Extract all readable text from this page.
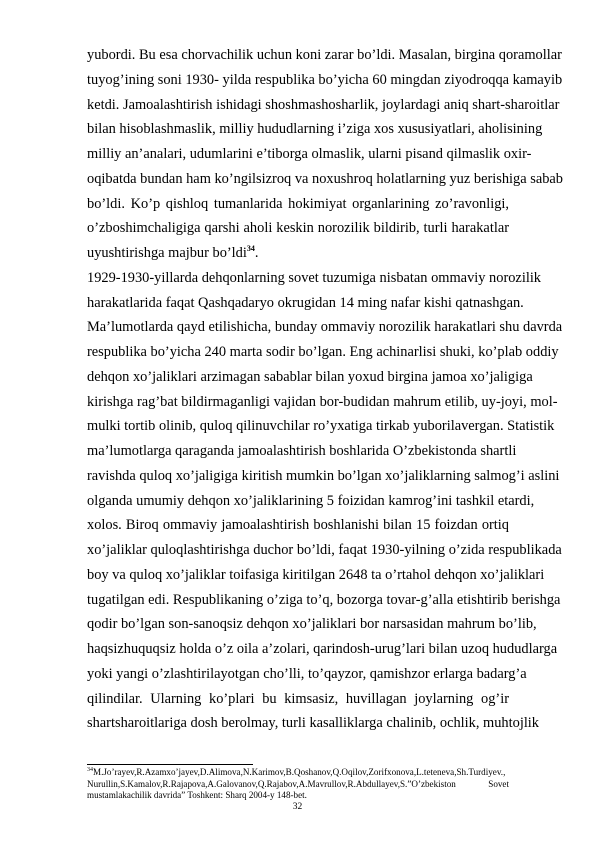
yubordi. Bu esa chorvachilik uchun koni zarar bo’ldi. Masalan, birgina qoramollar
tuyog’ining soni 1930- yilda respublika bo’yicha 60 mingdan ziyodroqqa kamayib
ketdi. Jamoalashtirish ishidagi shoshmashosharlik, joylardagi aniq shart-sharoitlar
bilan hisoblashmaslik, milliy hududlarning i’ziga xos xususiyatlari, aholisining
milliy an’analari, udumlarini e’tiborga olmaslik, ularni pisand qilmaslik oxir-
oqibatda bundan ham ko’ngilsizroq va noxushroq holatlarning yuz berishiga sabab
bo’ldi. Ko’p qishloq tumanlarida hokimiyat organlarining zo’ravonligi,
o’zboshimchaligiga qarshi aholi keskin norozilik bildirib, turli harakatlar
uyushtirishga majbur bo’ldi$^{34}$.
1929-1930-yillarda dehqonlarning sovet tuzumiga nisbatan ommaviy norozilik
harakatlarida faqat Qashqadaryo okrugidan 14 ming nafar kishi qatnashgan.
Ma’lumotlarda qayd etilishicha, bunday ommaviy norozilik harakatlari shu davrda
respublika bo’yicha 240 marta sodir bo’lgan. Eng achinarlisi shuki, ko’plab oddiy
dehqon xo’jaliklari arzimagan sabablar bilan yoxud birgina jamoa xo’jaligiga
kirishga rag’bat bildirmaganligi vajidan bor-budidan mahrum etilib, uy-joyi, mol-
mulki tortib olinib, quloq qilinuvchilar ro’yxatiga tirkab yuborilavergan. Statistik
ma’lumotlarga qaraganda jamoalashtirish boshlarida O’zbekistonda shartli
ravishda quloq xo’jaligiga kiritish mumkin bo’lgan xo’jaliklarning salmog’i aslini
olganda umumiy dehqon xo’jaliklarining 5 foizidan kamrog’ini tashkil etardi,
xolos. Biroq ommaviy jamoalashtirish boshlanishi bilan 15 foizdan ortiq
xo’jaliklar quloqlashtirishga duchor bo’ldi, faqat 1930-yilning o’zida respublikada
boy va quloq xo’jaliklar toifasiga kiritilgan 2648 ta o’rtahol dehqon xo’jaliklari
tugatilgan edi. Respublikaning o’ziga to’q, bozorga tovar-g’alla etishtirib berishga
qodir bo’lgan son-sanoqsiz dehqon xo’jaliklari bor narsasidan mahrum bo’lib,
haqsizhuquqsiz holda o’z oila a’zolari, qarindosh-urug’lari bilan uzoq hududlarga
yoki yangi o’zlashtirilayotgan cho’lli, to’qayzor, qamishzor erlarga badarg’a
qilindilar. Ularning ko’plari bu kimsasiz, huvillagan joylarning og’ir
shartsharoitlariga dosh berolmay, turli kasalliklarga chalinib, ochlik, muhtojlik
$^{34}$M.Jo’rayev,R.Azamxo’jayev,D.Alimova,N.Karimov,B.Qoshanov,Q.Oqilov,Zorifxonova,L.teteneva,Sh.Turdiyev.,
Nurullin,S.Kamalov,R.Rajapova,A.Galovanov,Q.Rajabov,A.Mavrullov,R.Abdullayev,S.”O’zbekiston Sovet
mustamlakachilik davrida” Toshkent: Sharq 2004-y 148-bet.
32
